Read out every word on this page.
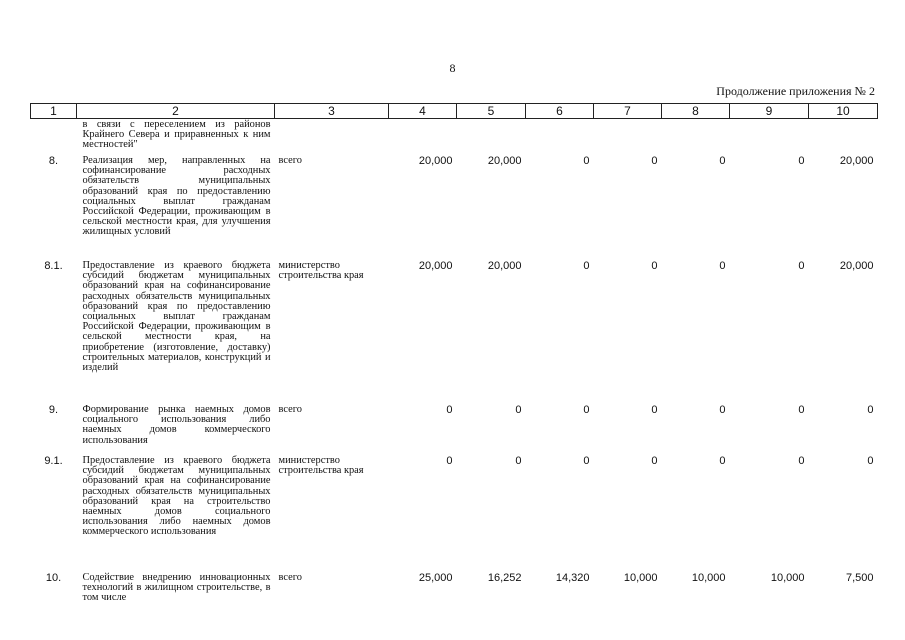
8
Продолжение приложения № 2
1	2	3	4	5	6	7	8	9	10
	в связи с переселением из районов Крайнего Севера и приравненных к ним местностей"								
8.	Реализация мер, направленных на софинансирование расходных обязательств муниципальных образований края по предоставлению социальных выплат гражданам Российской Федерации, проживающим в сельской местности края, для улучшения жилищных условий	всего	20,000	20,000	0	0	0	0	20,000
8.1.	Предоставление из краевого бюджета субсидий бюджетам муниципальных образований края на софинансирование расходных обязательств муниципальных образований края по предоставлению социальных выплат гражданам Российской Федерации, проживающим в сельской местности края, на приобретение (изготовление, доставку) строительных материалов, конструкций и изделий	министерство строительства края	20,000	20,000	0	0	0	0	20,000
9.	Формирование рынка наемных домов социального использования либо наемных домов коммерческого использования	всего	0	0	0	0	0	0	0
9.1.	Предоставление из краевого бюджета субсидий бюджетам муниципальных образований края на софинансирование расходных обязательств муниципальных образований края на строительство наемных домов социального использования либо наемных домов коммерческого использования	министерство строительства края	0	0	0	0	0	0	0
10.	Содействие внедрению инновационных технологий в жилищном строительстве, в том числе	всего	25,000	16,252	14,320	10,000	10,000	10,000	7,500
